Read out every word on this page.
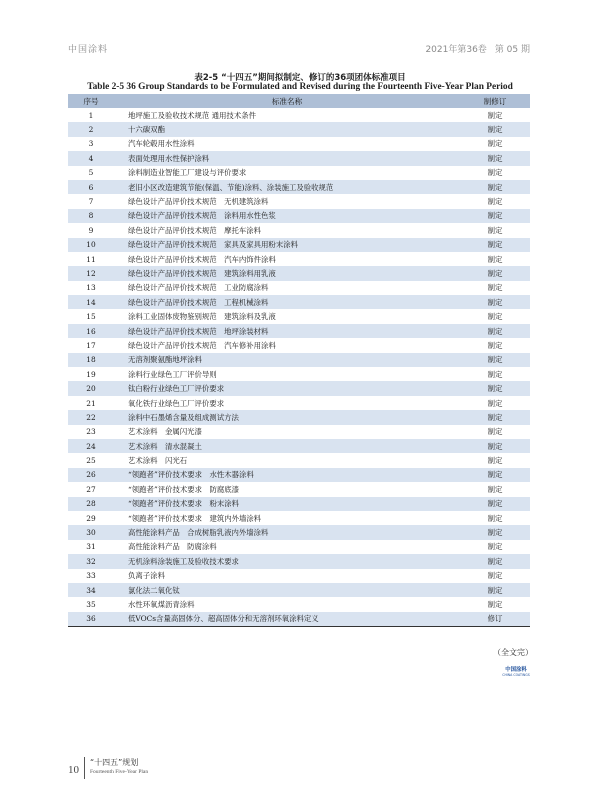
中国涂料	2021年第36卷 第 05 期
表2-5 “十四五”期间拟制定、修订的36项团体标准项目
Table 2-5 36 Group Standards to be Formulated and Revised during the Fourteenth Five-Year Plan Period
序号	标准名称	制修订
1	地坪施工及验收技术规范 通用技术条件	制定
2	十六碳双酯	制定
3	汽车轮毂用水性涂料	制定
4	表面处理用水性保护涂料	制定
5	涂料制造业智能工厂建设与评价要求	制定
6	老旧小区改造建筑节能(保温、节能)涂料、涂装施工及验收规范	制定
7	绿色设计产品评价技术规范　无机建筑涂料	制定
8	绿色设计产品评价技术规范　涂料用水性色浆	制定
9	绿色设计产品评价技术规范　摩托车涂料	制定
10	绿色设计产品评价技术规范　家具及家具用粉末涂料	制定
11	绿色设计产品评价技术规范　汽车内饰件涂料	制定
12	绿色设计产品评价技术规范　建筑涂料用乳液	制定
13	绿色设计产品评价技术规范　工业防腐涂料	制定
14	绿色设计产品评价技术规范　工程机械涂料	制定
15	涂料工业固体废物鉴别规范　建筑涂料及乳液	制定
16	绿色设计产品评价技术规范　地坪涂装材料	制定
17	绿色设计产品评价技术规范　汽车修补用涂料	制定
18	无溶剂聚氨酯地坪涂料	制定
19	涂料行业绿色工厂评价导则	制定
20	钛白粉行业绿色工厂评价要求	制定
21	氧化铁行业绿色工厂评价要求	制定
22	涂料中石墨烯含量及组成测试方法	制定
23	艺术涂料　金属闪光漆	制定
24	艺术涂料　清水混凝土	制定
25	艺术涂料　闪光石	制定
26	“领跑者”评价技术要求　水性木器涂料	制定
27	“领跑者”评价技术要求　防腐底漆	制定
28	“领跑者”评价技术要求　粉末涂料	制定
29	“领跑者”评价技术要求　建筑内外墙涂料	制定
30	高性能涂料产品　合成树脂乳液内外墙涂料	制定
31	高性能涂料产品　防腐涂料	制定
32	无机涂料涂装施工及验收技术要求	制定
33	负离子涂料	制定
34	氯化法二氧化钛	制定
35	水性环氧煤沥青涂料	制定
36	低VOCs含量高固体分、超高固体分和无溶剂环氧涂料定义	修订
（全文完）
中国涂料
CHINA COATINGS
10
“十四五”规划
Fourteenth Five-Year Plan
